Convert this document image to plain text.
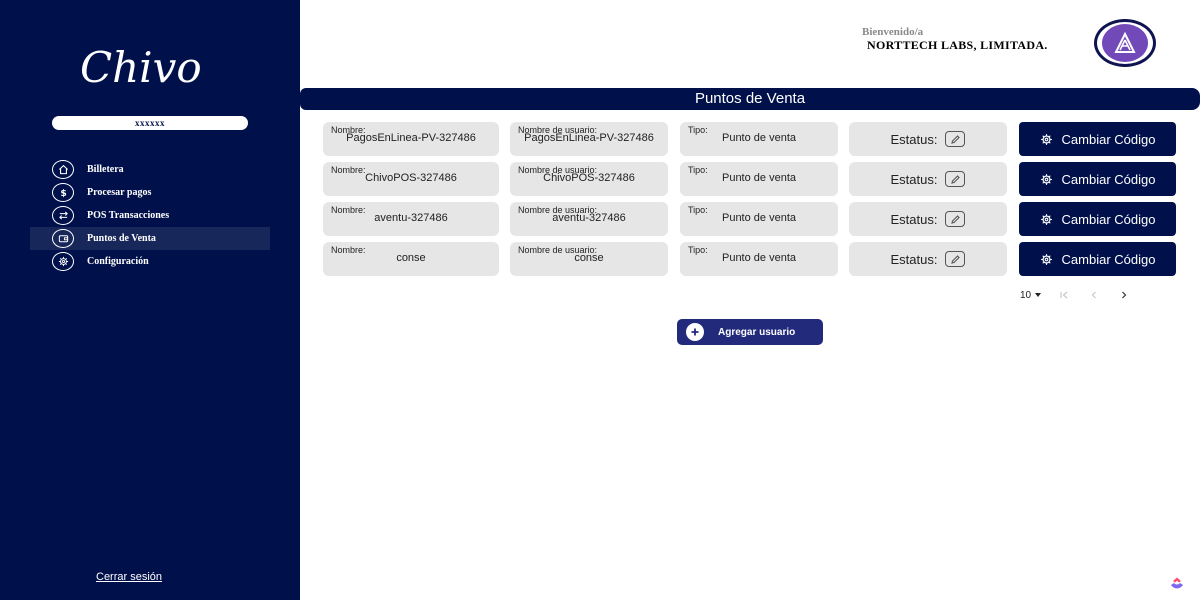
Chivo
xxxxxx
Billetera
$ Procesar pagos
POS Transacciones
Puntos de Venta
Configuración
Cerrar sesión
Bienvenido/a
NORTTECH LABS, LIMITADA.
Puntos de Venta
Nombre:
PagosEnLinea-PV-327486
Nombre de usuario:
PagosEnLinea-PV-327486
Tipo:
Punto de venta	Estatus:	Cambiar Código
Nombre:
ChivoPOS-327486
Nombre de usuario:
ChivoPOS-327486
Tipo:
Punto de venta	Estatus:	Cambiar Código
Nombre:
aventu-327486
Nombre de usuario:
aventu-327486
Tipo:
Punto de venta	Estatus:	Cambiar Código
Nombre:
conse
Nombre de usuario:
conse
Tipo:
Punto de venta	Estatus:	Cambiar Código
10
Agregar usuario
